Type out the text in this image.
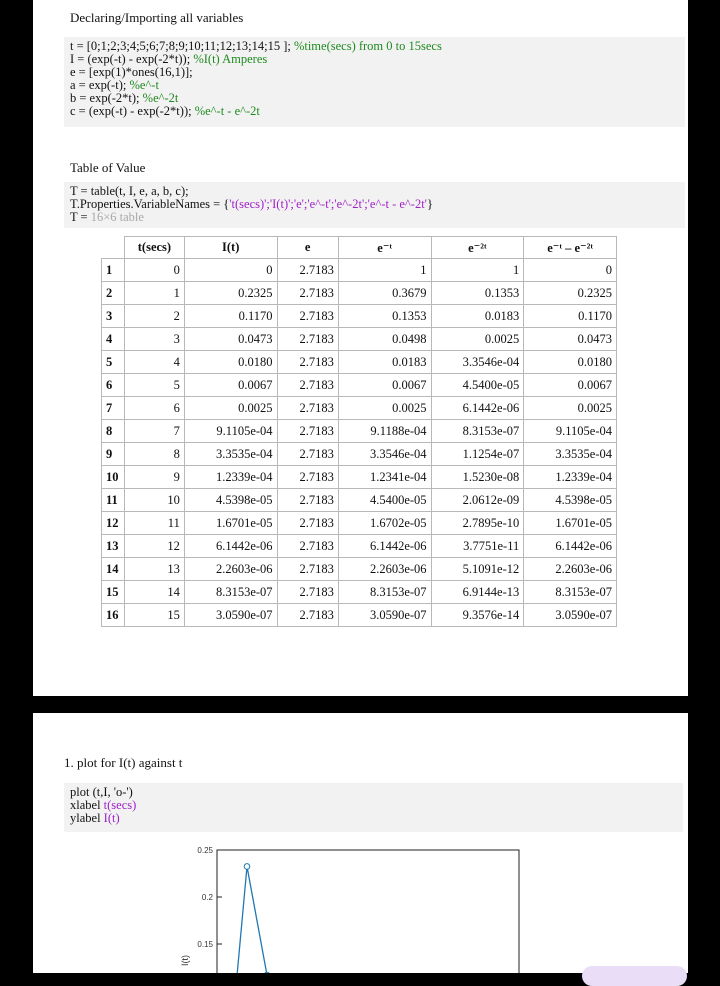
Declaring/Importing all variables
t = [0;1;2;3;4;5;6;7;8;9;10;11;12;13;14;15 ]; %time(secs) from 0 to 15secs
I = (exp(-t) - exp(-2*t)); %I(t) Amperes
e = [exp(1)*ones(16,1)];
a = exp(-t); %e^-t
b = exp(-2*t); %e^-2t
c = (exp(-t) - exp(-2*t)); %e^-t - e^-2t
Table of Value
T = table(t, I, e, a, b, c);
T.Properties.VariableNames = {'t(secs)';'I(t)';'e';'e^-t';'e^-2t';'e^-t - e^-2t'}
T = 16×6 table
	t(secs)	I(t)	e	e⁻ᵗ	e⁻²ᵗ	e⁻ᵗ – e⁻²ᵗ
1	0	0	2.7183	1	1	0
2	1	0.2325	2.7183	0.3679	0.1353	0.2325
3	2	0.1170	2.7183	0.1353	0.0183	0.1170
4	3	0.0473	2.7183	0.0498	0.0025	0.0473
5	4	0.0180	2.7183	0.0183	3.3546e-04	0.0180
6	5	0.0067	2.7183	0.0067	4.5400e-05	0.0067
7	6	0.0025	2.7183	0.0025	6.1442e-06	0.0025
8	7	9.1105e-04	2.7183	9.1188e-04	8.3153e-07	9.1105e-04
9	8	3.3535e-04	2.7183	3.3546e-04	1.1254e-07	3.3535e-04
10	9	1.2339e-04	2.7183	1.2341e-04	1.5230e-08	1.2339e-04
11	10	4.5398e-05	2.7183	4.5400e-05	2.0612e-09	4.5398e-05
12	11	1.6701e-05	2.7183	1.6702e-05	2.7895e-10	1.6701e-05
13	12	6.1442e-06	2.7183	6.1442e-06	3.7751e-11	6.1442e-06
14	13	2.2603e-06	2.7183	2.2603e-06	5.1091e-12	2.2603e-06
15	14	8.3153e-07	2.7183	8.3153e-07	6.9144e-13	8.3153e-07
16	15	3.0590e-07	2.7183	3.0590e-07	9.3576e-14	3.0590e-07
1. plot for I(t) against t
plot (t,I, 'o-')
xlabel t(secs)
ylabel I(t)
0.25
0.2
0.15
I(t)
